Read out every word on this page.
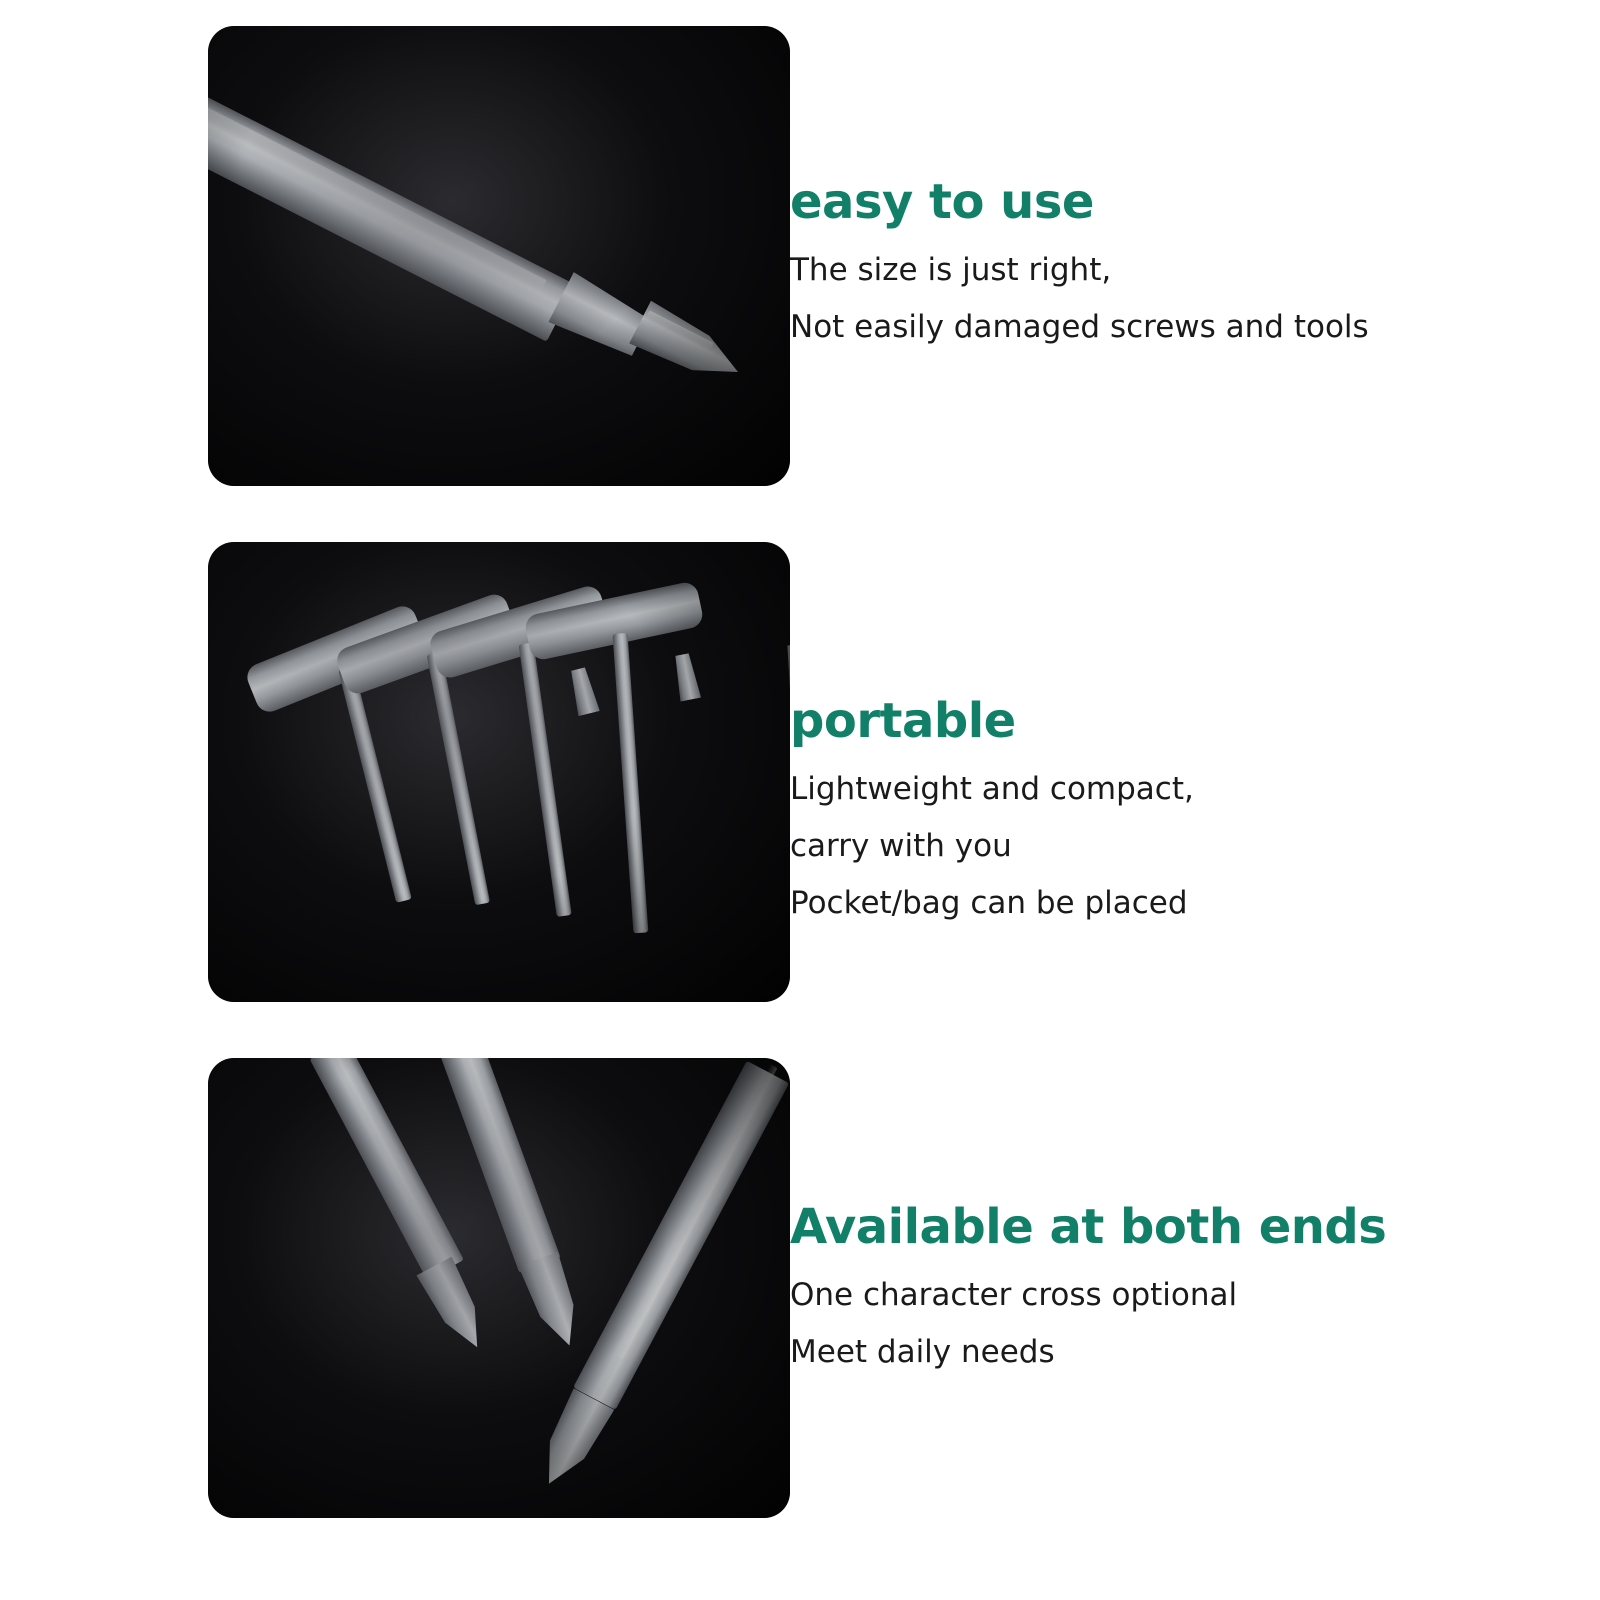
easy to use

The size is just right,

Not easily damaged screws and tools

portable

Lightweight and compact,

carry with you

Pocket/bag can be placed

Available at both ends

One character cross optional

Meet daily needs
